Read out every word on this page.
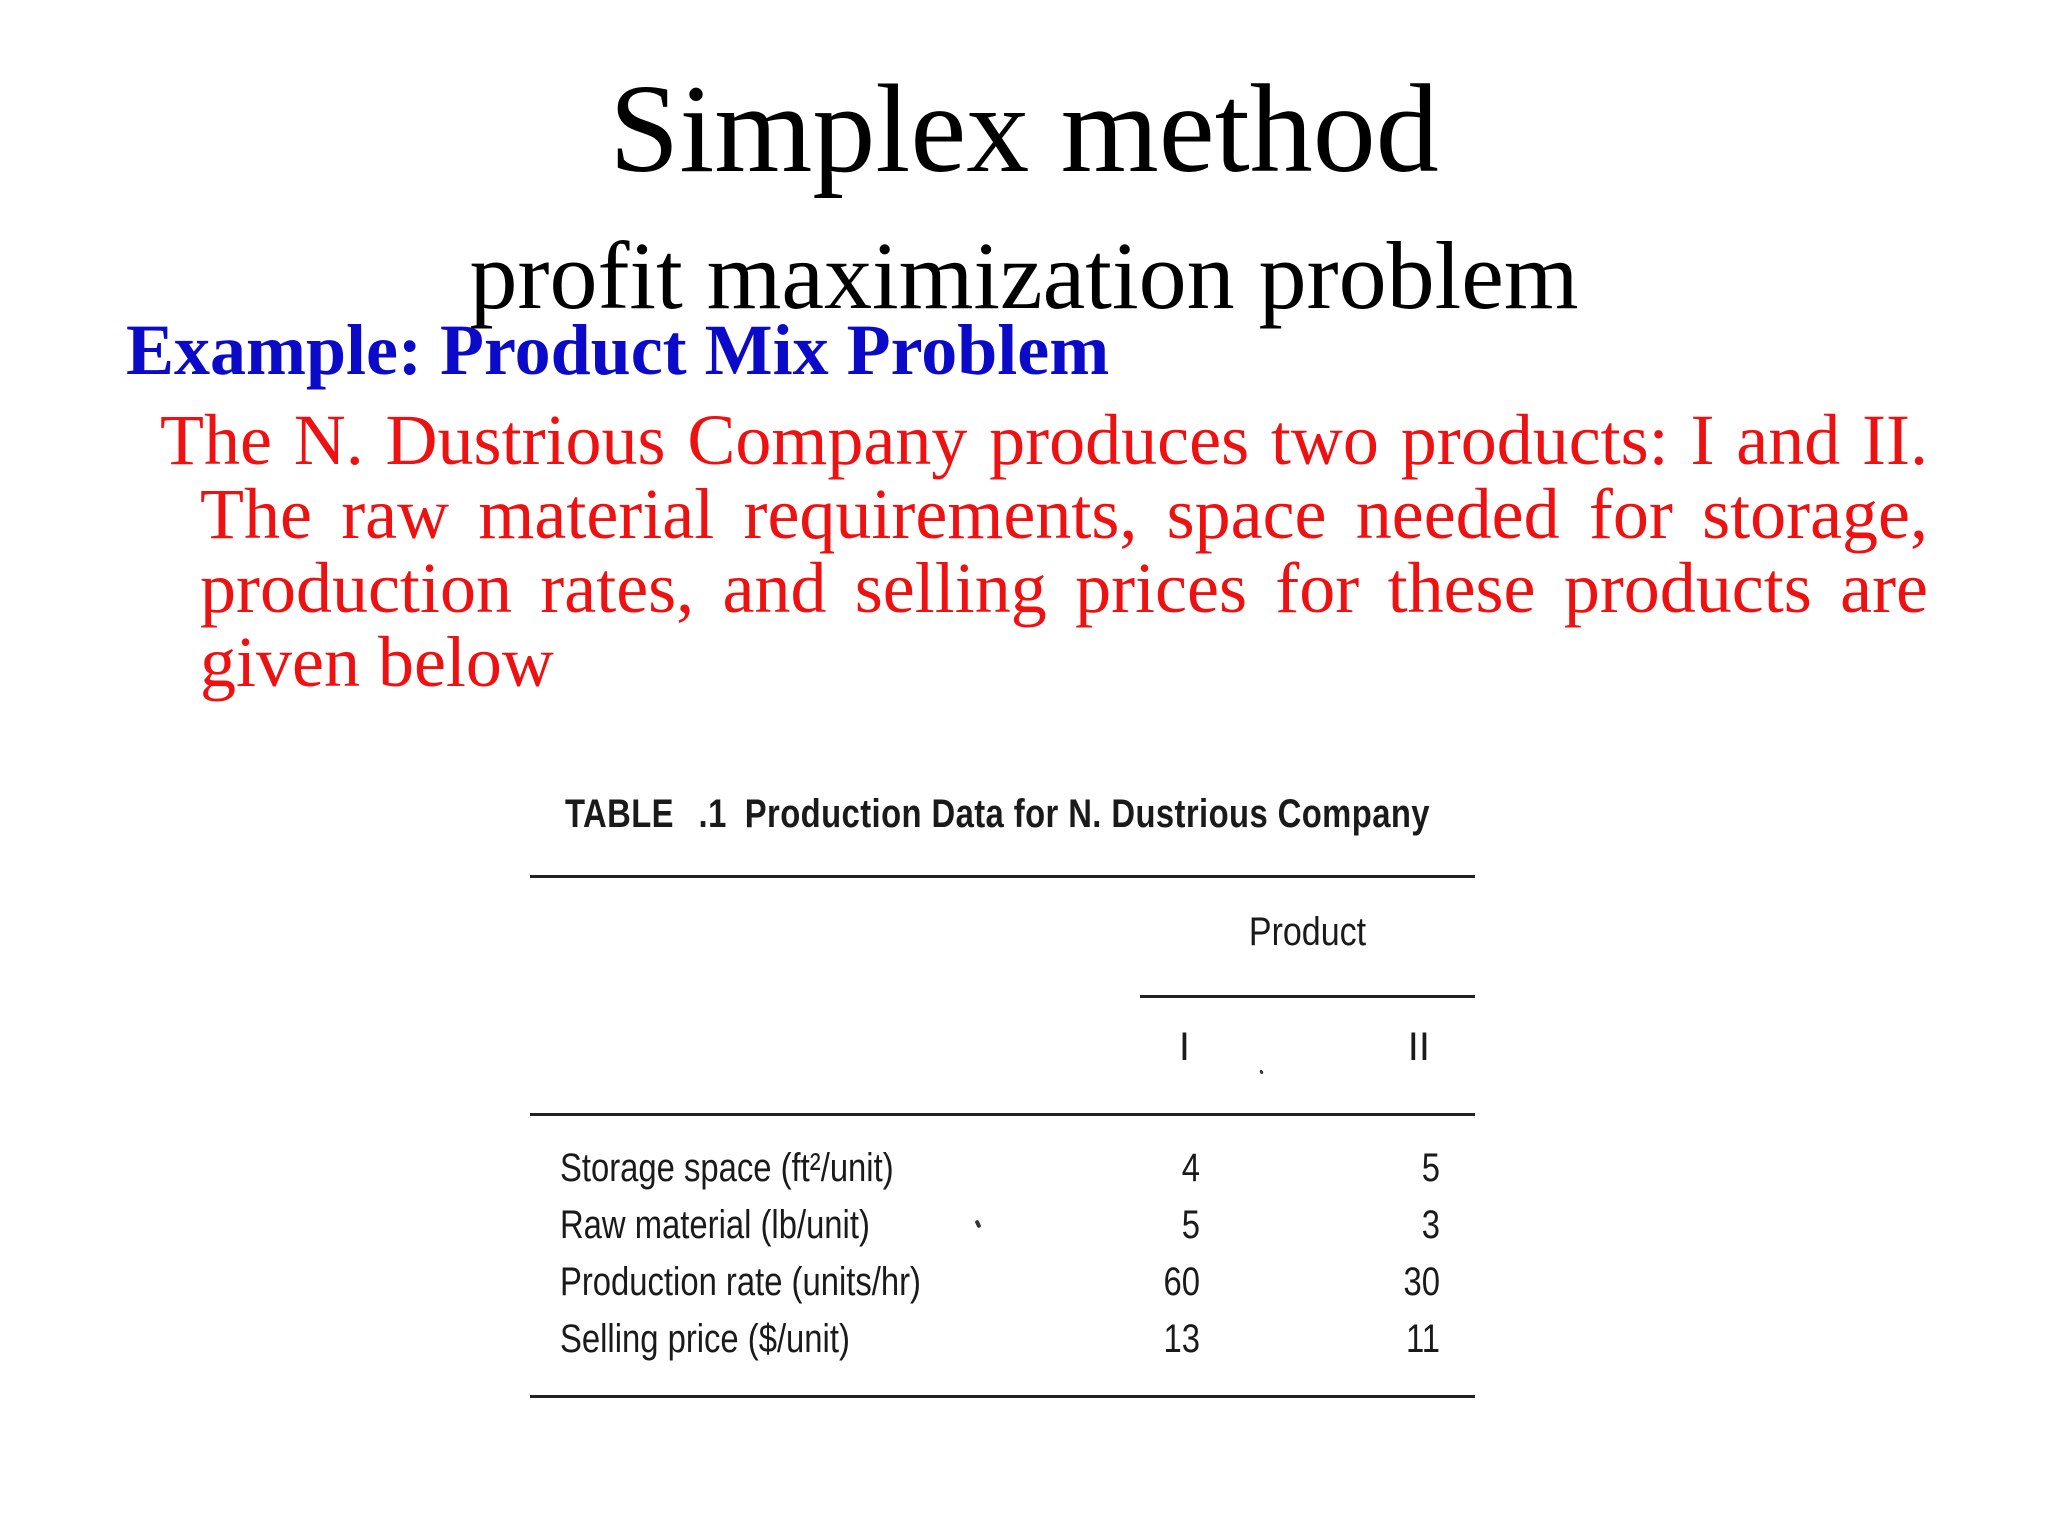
Simplex method
profit maximization problem
Example: Product Mix Problem
The N. Dustrious Company produces two products: I and II. The raw material requirements, space needed for storage, production rates, and selling prices for these products are given below
TABLE .1 Production Data for N. Dustrious Company
Product
I	II
Storage space (ft²/unit)	4	5
Raw material (lb/unit)	5	3
Production rate (units/hr)	60	30
Selling price ($/unit)	13	11
